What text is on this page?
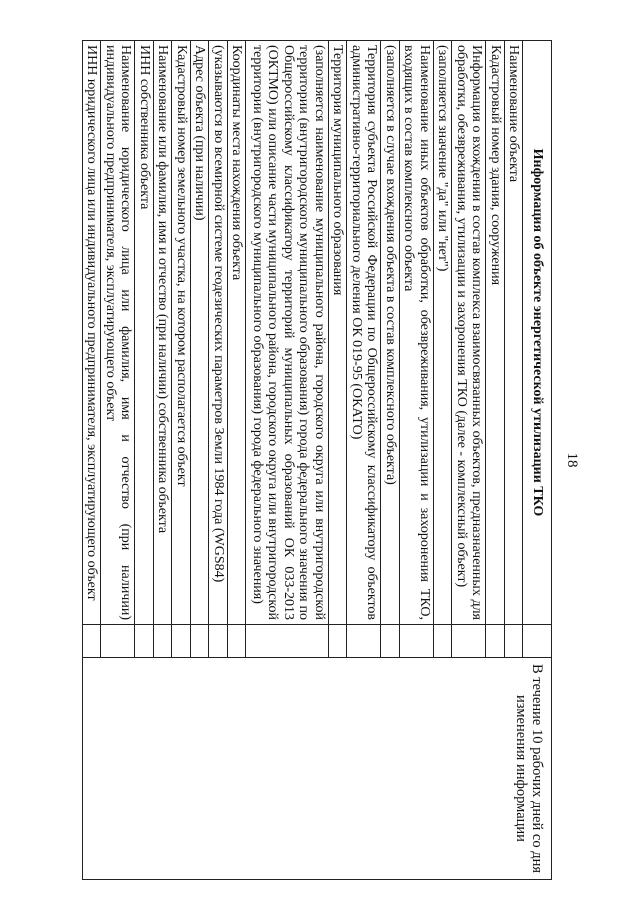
18
Информация об объекте энергетической утилизации ТКО		В течение 10 рабочих дней со дня изменения информации
Наименование объекта		
Кадастровый номер здания, сооружения		
Информация о вхождении в состав комплекса взаимосвязанных объектов, предназначенных для обработки, обезвреживания, утилизации и захоронения ТКО (далее - комплексный объект)		
(заполняется значение "да" или "нет")		
Наименование иных объектов обработки, обезвреживания, утилизации и захоронения ТКО, входящих в состав комплексного объекта		
(заполняется в случае вхождения объекта в состав комплексного объекта)		
Территория субъекта Российской Федерации по Общероссийскому классификатору объектов административно-территориального деления ОК 019-95 (ОКАТО)		
Территория муниципального образования		
(заполняется наименование муниципального района, городского округа или внутригородской территории (внутригородского муниципального образования) города федерального значения по Общероссийскому классификатору территорий муниципальных образований ОК 033-2013 (ОКТМО) или описание части муниципального района, городского округа или внутригородской территории (внутригородского муниципального образования) города федерального значения)		
Координаты места нахождения объекта		
(указываются во всемирной системе геодезических параметров Земли 1984 года (WGS84)		
Адрес объекта (при наличии)		
Кадастровый номер земельного участка, на котором располагается объект		
Наименование или фамилия, имя и отчество (при наличии) собственника объекта		
ИНН собственника объекта		
Наименование юридического лица или фамилия, имя и отчество (при наличии) индивидуального предпринимателя, эксплуатирующего объект		
ИНН юридического лица или индивидуального предпринимателя, эксплуатирующего объект		
